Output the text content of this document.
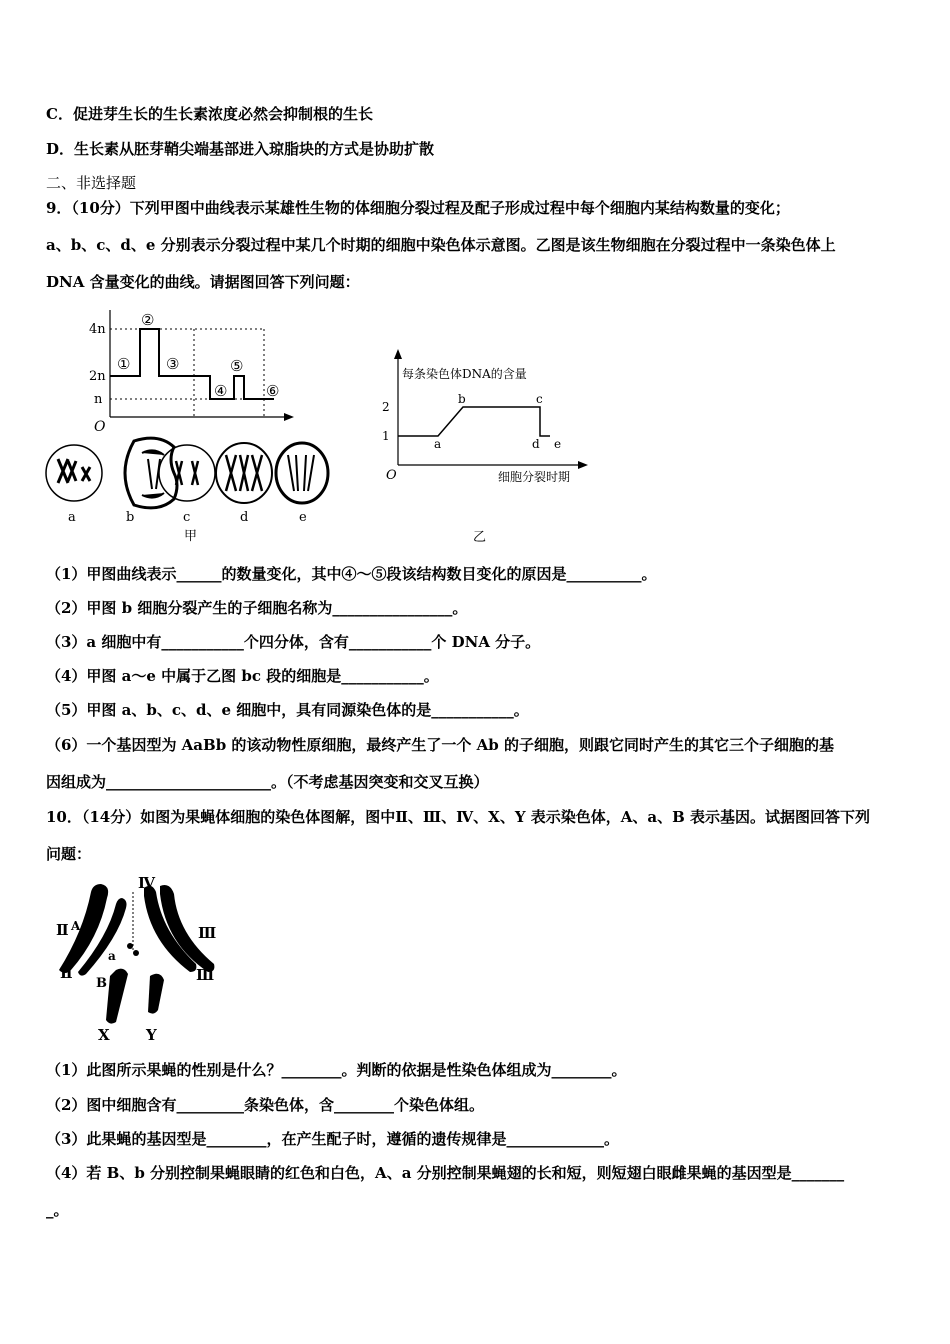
C．促进芽生长的生长素浓度必然会抑制根的生长
D．生长素从胚芽鞘尖端基部进入琼脂块的方式是协助扩散
二、非选择题
9．（10分）下列甲图中曲线表示某雄性生物的体细胞分裂过程及配子形成过程中每个细胞内某结构数量的变化；
a、b、c、d、e 分别表示分裂过程中某几个时期的细胞中染色体示意图。乙图是该生物细胞在分裂过程中一条染色体上
DNA 含量变化的曲线。请据图回答下列问题：
4n
2n
n
O
②
① ③	⑤
④	⑥
a	b	c	d	e
甲
每条染色体DNA的含量
细胞分裂时期
O
2
1
a
b	c
d e
乙
（1）甲图曲线表示______的数量变化，其中④～⑤段该结构数目变化的原因是__________。
（2）甲图 b 细胞分裂产生的子细胞名称为________________。
（3）a 细胞中有___________个四分体，含有___________个 DNA 分子。
（4）甲图 a～e 中属于乙图 bc 段的细胞是___________。
（5）甲图 a、b、c、d、e 细胞中，具有同源染色体的是___________。
（6）一个基因型为 AaBb 的该动物性原细胞，最终产生了一个 Ab 的子细胞，则跟它同时产生的其它三个子细胞的基
因组成为______________________。（不考虑基因突变和交叉互换）
10．（14分）如图为果蝇体细胞的染色体图解，图中Ⅱ、Ⅲ、Ⅳ、X、Y 表示染色体，A、a、B 表示基因。试据图回答下列
问题：
Ⅳ
Ⅱ A
Ⅱ
a
B
Ⅲ
Ⅲ
X Y
（1）此图所示果蝇的性别是什么？________。判断的依据是性染色体组成为________。
（2）图中细胞含有_________条染色体，含________个染色体组。
（3）此果蝇的基因型是________，在产生配子时，遵循的遗传规律是_____________。
（4）若 B、b 分别控制果蝇眼睛的红色和白色，A、a 分别控制果蝇翅的长和短，则短翅白眼雌果蝇的基因型是_______
_。
